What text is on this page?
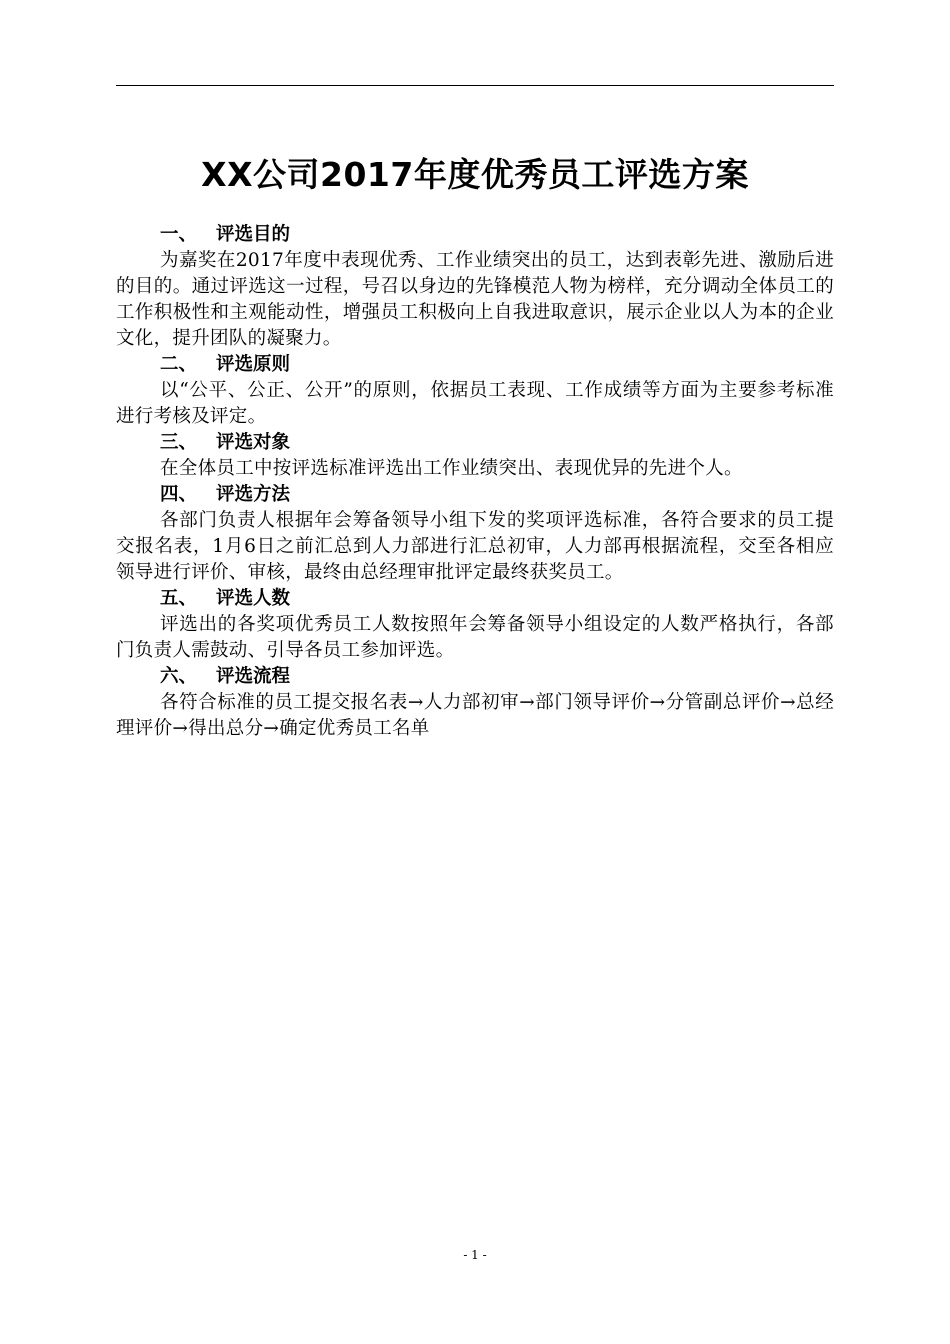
XX公司2017年度优秀员工评选方案
一、 评选目的

为嘉奖在2017年度中表现优秀、工作业绩突出的员工，达到表彰先进、激励后进的目的。通过评选这一过程，号召以身边的先锋模范人物为榜样，充分调动全体员工的工作积极性和主观能动性，增强员工积极向上自我进取意识，展示企业以人为本的企业文化，提升团队的凝聚力。

二、 评选原则

以“公平、公正、公开”的原则，依据员工表现、工作成绩等方面为主要参考标准进行考核及评定。

三、 评选对象

在全体员工中按评选标准评选出工作业绩突出、表现优异的先进个人。

四、 评选方法

各部门负责人根据年会筹备领导小组下发的奖项评选标准，各符合要求的员工提交报名表，1月6日之前汇总到人力部进行汇总初审，人力部再根据流程，交至各相应领导进行评价、审核，最终由总经理审批评定最终获奖员工。

五、 评选人数

评选出的各奖项优秀员工人数按照年会筹备领导小组设定的人数严格执行，各部门负责人需鼓动、引导各员工参加评选。

六、 评选流程

各符合标准的员工提交报名表→人力部初审→部门领导评价→分管副总评价→总经理评价→得出总分→确定优秀员工名单

- 1 -
